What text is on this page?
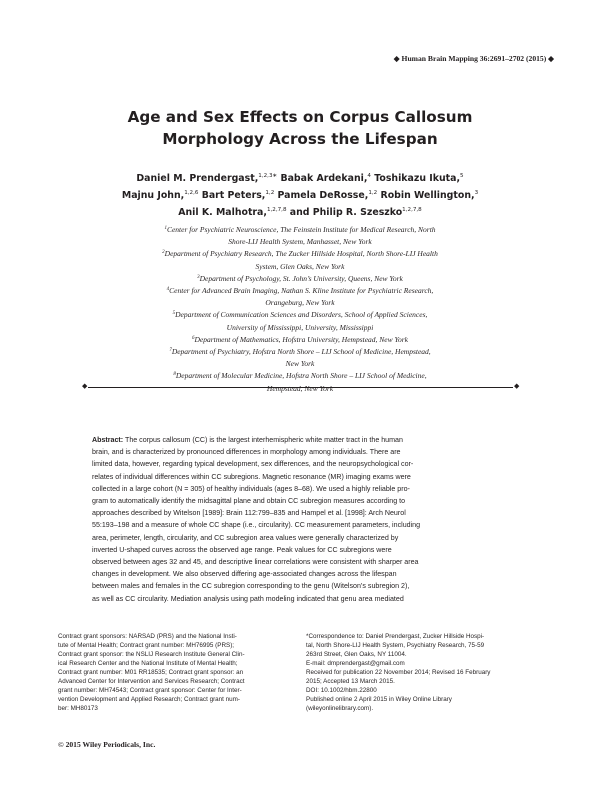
◆ Human Brain Mapping 36:2691–2702 (2015) ◆
Age and Sex Effects on Corpus Callosum
Morphology Across the Lifespan
Daniel M. Prendergast,$^{1,2,3∗}$ Babak Ardekani,$^4$ Toshikazu Ikuta,$^5$
Majnu John,$^{1,2,6}$ Bart Peters,$^{1,2}$ Pamela DeRosse,$^{1,2}$ Robin Wellington,$^3$
Anil K. Malhotra,$^{1,2,7,8}$ and Philip R. Szeszko$^{1,2,7,8}$
$^1$Center for Psychiatric Neuroscience, The Feinstein Institute for Medical Research, North
Shore-LIJ Health System, Manhasset, New York
$^2$Department of Psychiatry Research, The Zucker Hillside Hospital, North Shore-LIJ Health
System, Glen Oaks, New York
$^3$Department of Psychology, St. John’s University, Queens, New York
$^4$Center for Advanced Brain Imaging, Nathan S. Kline Institute for Psychiatric Research,
Orangeburg, New York
$^5$Department of Communication Sciences and Disorders, School of Applied Sciences,
University of Mississippi, University, Mississippi
$^6$Department of Mathematics, Hofstra University, Hempstead, New York
$^7$Department of Psychiatry, Hofstra North Shore – LIJ School of Medicine, Hempstead,
New York
$^8$Department of Molecular Medicine, Hofstra North Shore – LIJ School of Medicine,
Hempstead, New York
◆	◆
Abstract: The corpus callosum (CC) is the largest interhemispheric white matter tract in the human
brain, and is characterized by pronounced differences in morphology among individuals. There are
limited data, however, regarding typical development, sex differences, and the neuropsychological cor-
relates of individual differences within CC subregions. Magnetic resonance (MR) imaging exams were
collected in a large cohort (N = 305) of healthy individuals (ages 8–68). We used a highly reliable pro-
gram to automatically identify the midsagittal plane and obtain CC subregion measures according to
approaches described by Witelson [1989]: Brain 112:799–835 and Hampel et al. [1998]: Arch Neurol
55:193–198 and a measure of whole CC shape (i.e., circularity). CC measurement parameters, including
area, perimeter, length, circularity, and CC subregion area values were generally characterized by
inverted U-shaped curves across the observed age range. Peak values for CC subregions were
observed between ages 32 and 45, and descriptive linear correlations were consistent with sharper area
changes in development. We also observed differing age-associated changes across the lifespan
between males and females in the CC subregion corresponding to the genu (Witelson’s subregion 2),
as well as CC circularity. Mediation analysis using path modeling indicated that genu area mediated
Contract grant sponsors: NARSAD (PRS) and the National Insti-
tute of Mental Health; Contract grant number: MH76995 (PRS);
Contract grant sponsor: the NSLIJ Research Institute General Clin-
ical Research Center and the National Institute of Mental Health;
Contract grant number: M01 RR18535; Contract grant sponsor: an
Advanced Center for Intervention and Services Research; Contract
grant number: MH74543; Contract grant sponsor: Center for Inter-
vention Development and Applied Research; Contract grant num-
ber: MH80173
*Correspondence to: Daniel Prendergast, Zucker Hillside Hospi-
tal, North Shore-LIJ Health System, Psychiatry Research, 75-59
263rd Street, Glen Oaks, NY 11004.
E-mail: dmprendergast@gmail.com
Received for publication 22 November 2014; Revised 16 February
2015; Accepted 13 March 2015.
DOI: 10.1002/hbm.22800
Published online 2 April 2015 in Wiley Online Library
(wileyonlinelibrary.com).
© 2015 Wiley Periodicals, Inc.
